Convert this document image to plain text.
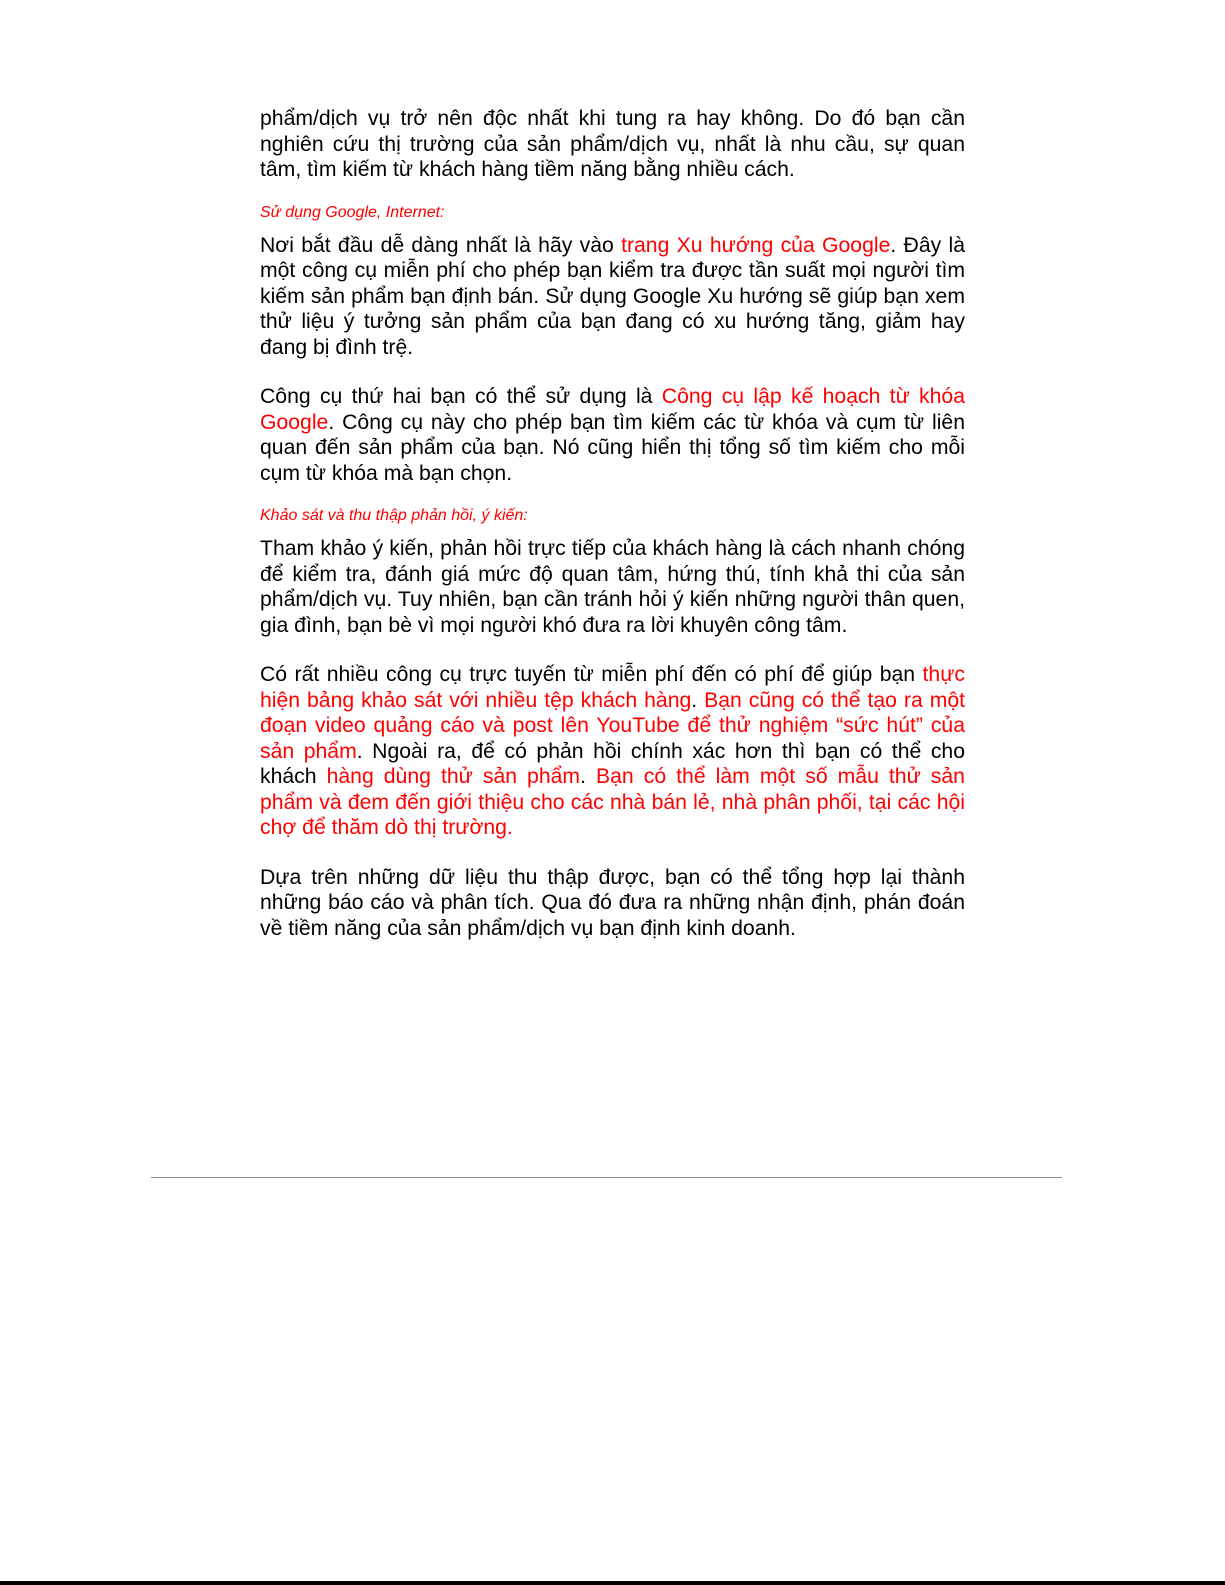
phẩm/dịch vụ trở nên độc nhất khi tung ra hay không. Do đó bạn cần nghiên cứu thị trường của sản phẩm/dịch vụ, nhất là nhu cầu, sự quan tâm, tìm kiếm từ khách hàng tiềm năng bằng nhiều cách.

Sử dụng Google, Internet:

Nơi bắt đầu dễ dàng nhất là hãy vào trang Xu hướng của Google. Đây là một công cụ miễn phí cho phép bạn kiểm tra được tần suất mọi người tìm kiếm sản phẩm bạn định bán. Sử dụng Google Xu hướng sẽ giúp bạn xem thử liệu ý tưởng sản phẩm của bạn đang có xu hướng tăng, giảm hay đang bị đình trệ.

Công cụ thứ hai bạn có thể sử dụng là Công cụ lập kế hoạch từ khóa Google. Công cụ này cho phép bạn tìm kiếm các từ khóa và cụm từ liên quan đến sản phẩm của bạn. Nó cũng hiển thị tổng số tìm kiếm cho mỗi cụm từ khóa mà bạn chọn.

Khảo sát và thu thập phản hồi, ý kiến:

Tham khảo ý kiến, phản hồi trực tiếp của khách hàng là cách nhanh chóng để kiểm tra, đánh giá mức độ quan tâm, hứng thú, tính khả thi của sản phẩm/dịch vụ. Tuy nhiên, bạn cần tránh hỏi ý kiến những người thân quen, gia đình, bạn bè vì mọi người khó đưa ra lời khuyên công tâm.

Có rất nhiều công cụ trực tuyến từ miễn phí đến có phí để giúp bạn thực hiện bảng khảo sát với nhiều tệp khách hàng. Bạn cũng có thể tạo ra một đoạn video quảng cáo và post lên YouTube để thử nghiệm “sức hút” của sản phẩm. Ngoài ra, để có phản hồi chính xác hơn thì bạn có thể cho khách hàng dùng thử sản phẩm. Bạn có thể làm một số mẫu thử sản phẩm và đem đến giới thiệu cho các nhà bán lẻ, nhà phân phối, tại các hội chợ để thăm dò thị trường.

Dựa trên những dữ liệu thu thập được, bạn có thể tổng hợp lại thành những báo cáo và phân tích. Qua đó đưa ra những nhận định, phán đoán về tiềm năng của sản phẩm/dịch vụ bạn định kinh doanh.
